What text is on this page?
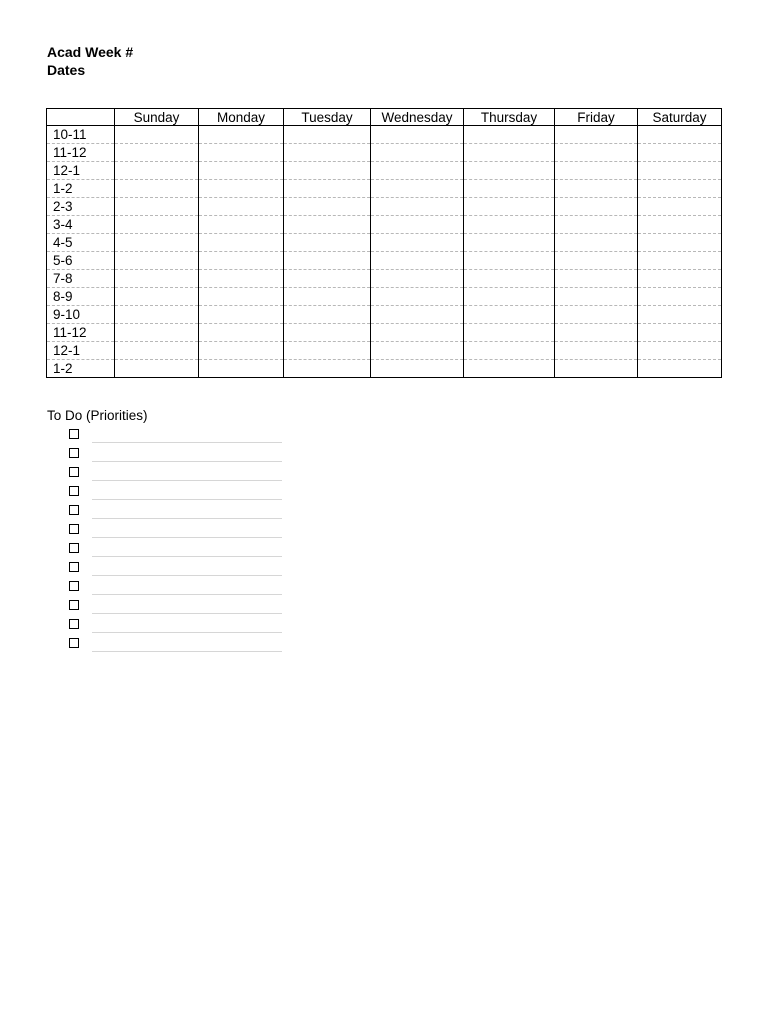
Acad Week #
Dates
	Sunday	Monday	Tuesday	Wednesday	Thursday	Friday	Saturday
10-11							
11-12							
12-1							
1-2							
2-3							
3-4							
4-5							
5-6							
7-8							
8-9							
9-10							
11-12							
12-1							
1-2							
To Do (Priorities)
